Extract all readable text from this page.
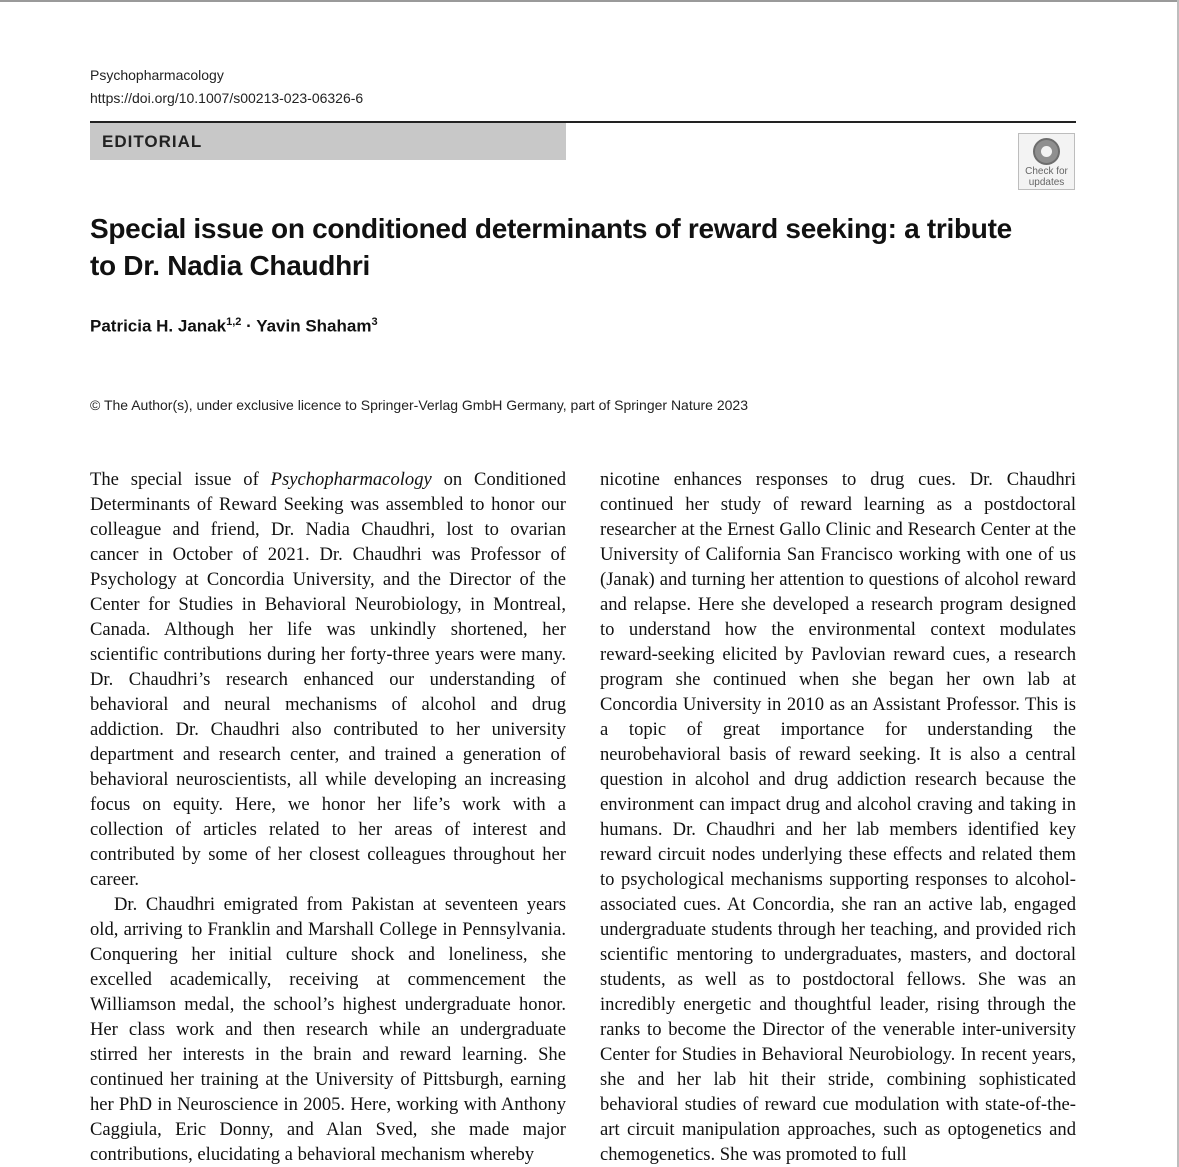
Psychopharmacology
https://doi.org/10.1007/s00213-023-06326-6
EDITORIAL
Check for
updates
Special issue on conditioned determinants of reward seeking: a tribute to Dr. Nadia Chaudhri
Patricia H. Janak$^{1,2}$ · Yavin Shaham$^3$
© The Author(s), under exclusive licence to Springer-Verlag GmbH Germany, part of Springer Nature 2023

The special issue of Psychopharmacology on Conditioned Determinants of Reward Seeking was assembled to honor our colleague and friend, Dr. Nadia Chaudhri, lost to ovarian cancer in October of 2021. Dr. Chaudhri was Professor of Psychology at Concordia University, and the Director of the Center for Studies in Behavioral Neurobiology, in Montreal, Canada. Although her life was unkindly shortened, her scientific contributions during her forty-three years were many. Dr. Chaudhri’s research enhanced our understanding of behavioral and neural mechanisms of alcohol and drug addiction. Dr. Chaudhri also contributed to her university department and research center, and trained a generation of behavioral neuroscientists, all while developing an increasing focus on equity. Here, we honor her life’s work with a collection of articles related to her areas of interest and contributed by some of her closest colleagues throughout her career.

Dr. Chaudhri emigrated from Pakistan at seventeen years old, arriving to Franklin and Marshall College in Pennsylvania. Conquering her initial culture shock and loneliness, she excelled academically, receiving at commencement the Williamson medal, the school’s highest undergraduate honor. Her class work and then research while an undergraduate stirred her interests in the brain and reward learning. She continued her training at the University of Pittsburgh, earning her PhD in Neuroscience in 2005. Here, working with Anthony Caggiula, Eric Donny, and Alan Sved, she made major contributions, elucidating a behavioral mechanism whereby

nicotine enhances responses to drug cues. Dr. Chaudhri continued her study of reward learning as a postdoctoral researcher at the Ernest Gallo Clinic and Research Center at the University of California San Francisco working with one of us (Janak) and turning her attention to questions of alcohol reward and relapse. Here she developed a research program designed to understand how the environmental context modulates reward-seeking elicited by Pavlovian reward cues, a research program she continued when she began her own lab at Concordia University in 2010 as an Assistant Professor. This is a topic of great importance for understanding the neurobehavioral basis of reward seeking. It is also a central question in alcohol and drug addiction research because the environment can impact drug and alcohol craving and taking in humans. Dr. Chaudhri and her lab members identified key reward circuit nodes underlying these effects and related them to psychological mechanisms supporting responses to alcohol-associated cues. At Concordia, she ran an active lab, engaged undergraduate students through her teaching, and provided rich scientific mentoring to undergraduates, masters, and doctoral students, as well as to postdoctoral fellows. She was an incredibly energetic and thoughtful leader, rising through the ranks to become the Director of the venerable inter-university Center for Studies in Behavioral Neurobiology. In recent years, she and her lab hit their stride, combining sophisticated behavioral studies of reward cue modulation with state-of-the-art circuit manipulation approaches, such as optogenetics and chemogenetics. She was promoted to full
